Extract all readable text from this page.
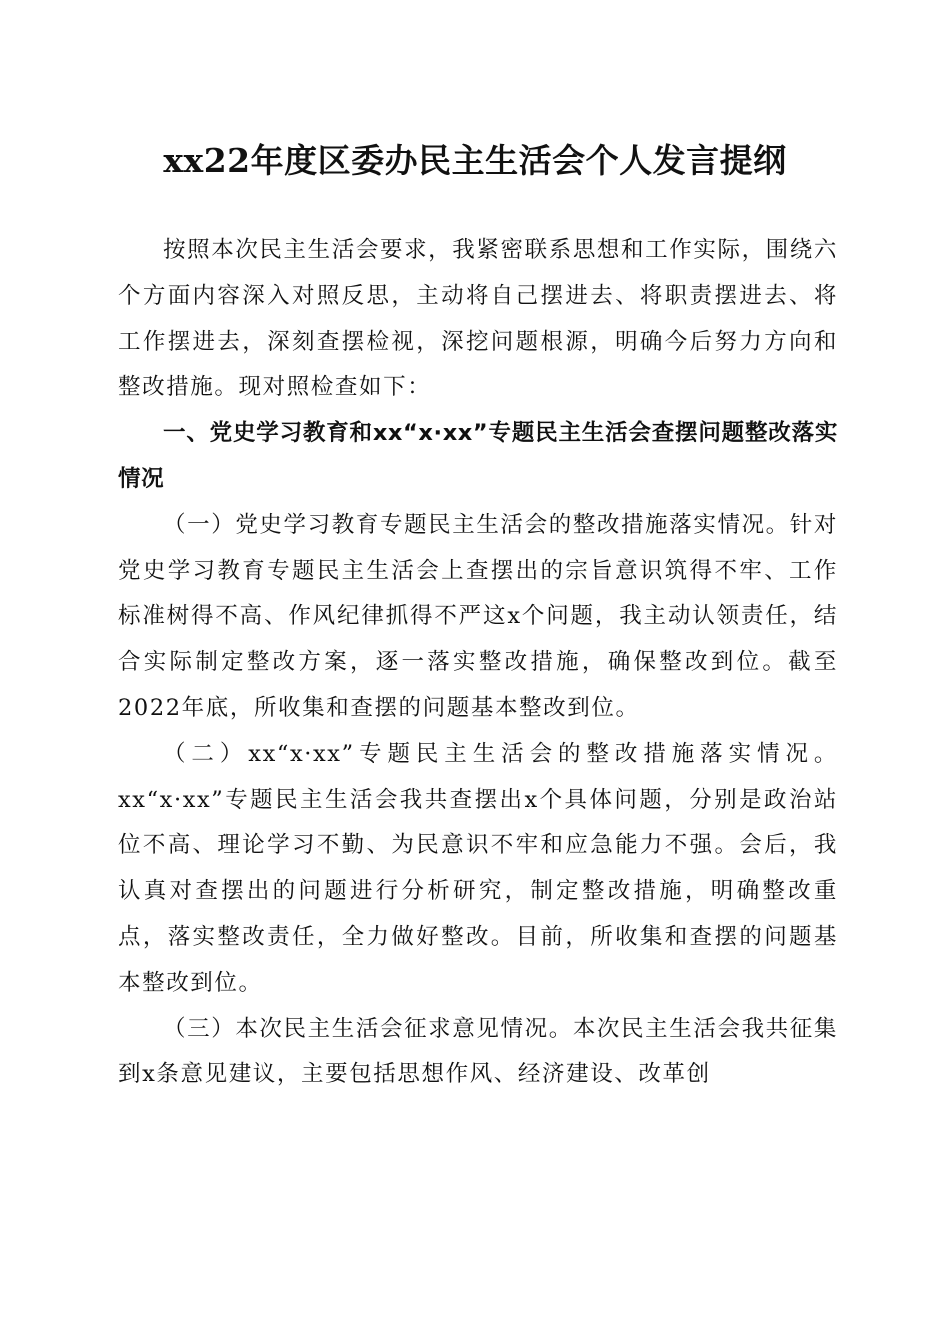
xx22年度区委办民主生活会个人发言提纲

按照本次民主生活会要求，我紧密联系思想和工作实际，围绕六个方面内容深入对照反思，主动将自己摆进去、将职责摆进去、将工作摆进去，深刻查摆检视，深挖问题根源，明确今后努力方向和整改措施。现对照检查如下：

一、党史学习教育和xx“x·xx”专题民主生活会查摆问题整改落实情况

（一）党史学习教育专题民主生活会的整改措施落实情况。针对党史学习教育专题民主生活会上查摆出的宗旨意识筑得不牢、工作标准树得不高、作风纪律抓得不严这x个问题，我主动认领责任，结合实际制定整改方案，逐一落实整改措施，确保整改到位。截至2022年底，所收集和查摆的问题基本整改到位。

（二）xx“x·xx”专题民主生活会的整改措施落实情况。xx“x·xx”专题民主生活会我共查摆出x个具体问题，分别是政治站位不高、理论学习不勤、为民意识不牢和应急能力不强。会后，我认真对查摆出的问题进行分析研究，制定整改措施，明确整改重点，落实整改责任，全力做好整改。目前，所收集和查摆的问题基本整改到位。

（三）本次民主生活会征求意见情况。本次民主生活会我共征集到x条意见建议，主要包括思想作风、经济建设、改革创
